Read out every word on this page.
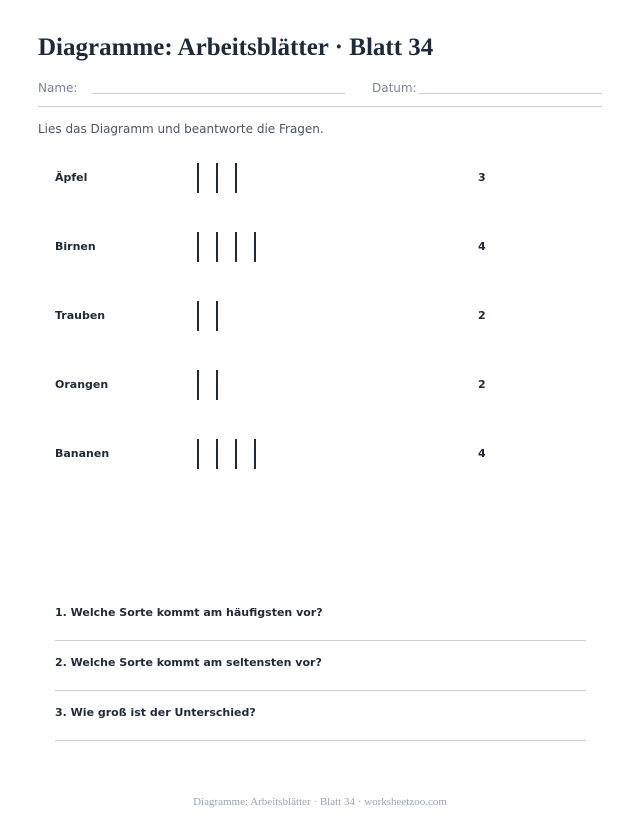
Diagramme: Arbeitsblätter · Blatt 34
Name:	Datum:
Lies das Diagramm und beantworte die Fragen.
Äpfel	3
Birnen	4
Trauben	2
Orangen	2
Bananen	4
1. Welche Sorte kommt am häufigsten vor?
2. Welche Sorte kommt am seltensten vor?
3. Wie groß ist der Unterschied?
Diagramme: Arbeitsblätter · Blatt 34 · worksheetzoo.com
